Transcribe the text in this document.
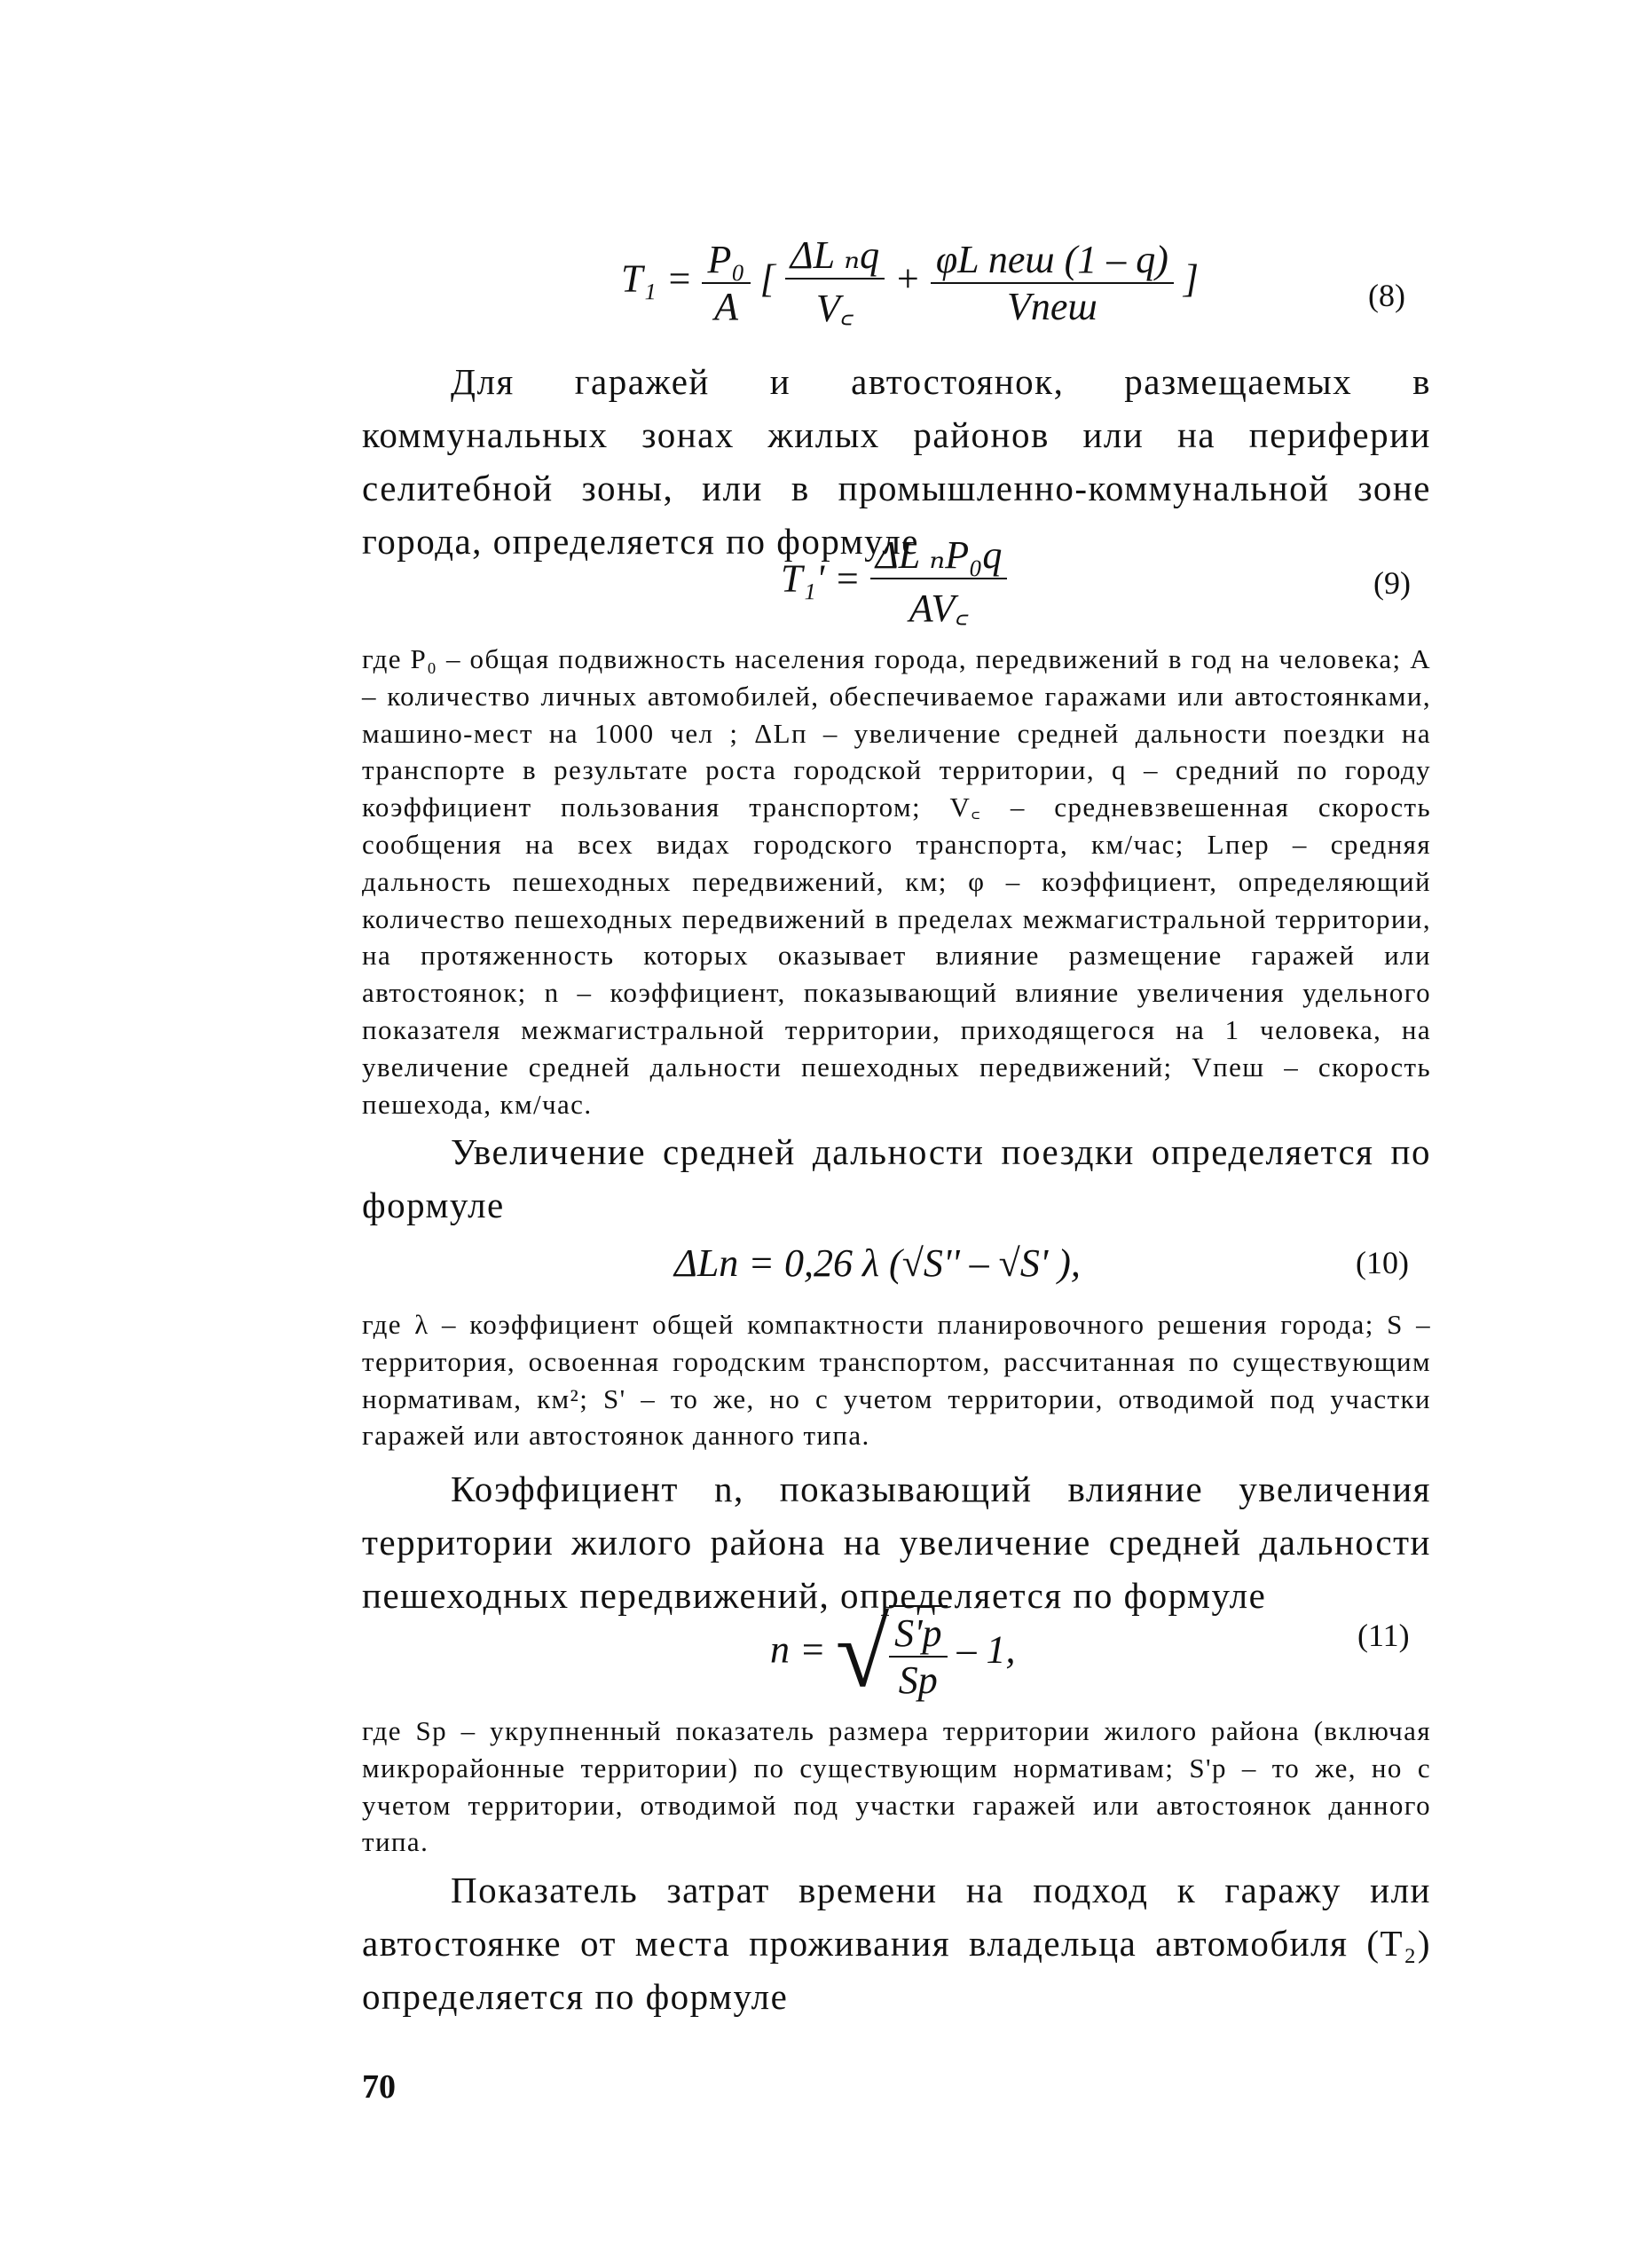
$T_1 = \frac{\text{P₀}}{A}$ [ $\frac{\text{ΔL ₙq}}{V꜀} + \frac{\text{φL пеш (1 – q)}}{\text{Vпеш}}$ ]	(8)

Для гаражей и автостоянок, размещаемых в коммунальных зонах жилых районов или на периферии селитебной зоны, или в промышленно-коммунальной зоне города, определяется по формуле

$T_1' = \frac{\text{ΔL ₙP₀q}}{AV꜀}$	(9)

где P₀ – общая подвижность населения города, передвижений в год на человека; A – количество личных автомобилей, обеспечиваемое гаражами или автостоянками, машино-мест на 1000 чел ; ΔLп – увеличение средней дальности поездки на транспорте в результате роста городской территории, q – средний по городу коэффициент пользования транспортом; V꜀ – средневзвешенная скорость сообщения на всех видах городского транспорта, км/час; Lпер – средняя дальность пешеходных передвижений, км; φ – коэффициент, определяющий количество пешеходных передвижений в пределах межмагистральной территории, на протяженность которых оказывает влияние размещение гаражей или автостоянок; n – коэффициент, показывающий влияние увеличения удельного показателя межмагистральной территории, приходящегося на 1 человека, на увеличение средней дальности пешеходных передвижений; Vпеш – скорость пешехода, км/час.

Увеличение средней дальности поездки определяется по формуле

ΔLп = 0,26 λ (√S'' – √S' ),	(10)

где λ – коэффициент общей компактности планировочного решения города; S – территория, освоенная городским транспортом, рассчитанная по существующим нормативам, км²; S' – то же, но с учетом территории, отводимой под участки гаражей или автостоянок данного типа.

Коэффициент n, показывающий влияние увеличения территории жилого района на увеличение средней дальности пешеходных передвижений, определяется по формуле

n = √ $\frac{S'р}{Sр} - 1$,	(11)

где Sр – укрупненный показатель размера территории жилого района (включая микрорайонные территории) по существующим нормативам; S'р – то же, но с учетом территории, отводимой под участки гаражей или автостоянок данного типа.

Показатель затрат времени на подход к гаражу или автостоянке от места проживания владельца автомобиля (T₂) определяется по формуле

70
